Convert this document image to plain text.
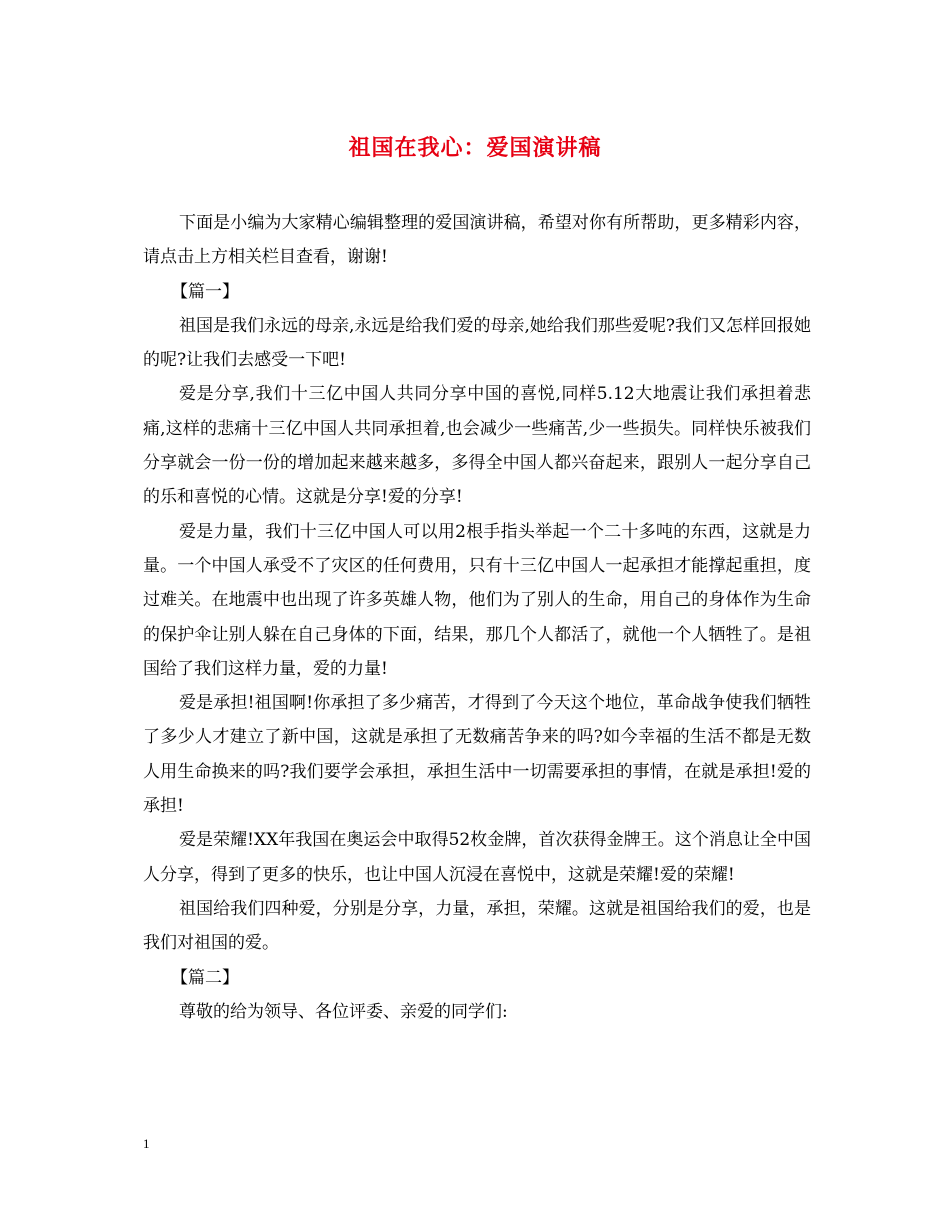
祖国在我心：爱国演讲稿

下面是小编为大家精心编辑整理的爱国演讲稿，希望对你有所帮助，更多精彩内容，请点击上方相关栏目查看，谢谢!

【篇一】

祖国是我们永远的母亲,永远是给我们爱的母亲,她给我们那些爱呢?我们又怎样回报她的呢?让我们去感受一下吧!

爱是分享,我们十三亿中国人共同分享中国的喜悦,同样5.12大地震让我们承担着悲痛,这样的悲痛十三亿中国人共同承担着,也会减少一些痛苦,少一些损失。同样快乐被我们分享就会一份一份的增加起来越来越多，多得全中国人都兴奋起来，跟别人一起分享自己的乐和喜悦的心情。这就是分享!爱的分享!

爱是力量，我们十三亿中国人可以用2根手指头举起一个二十多吨的东西，这就是力量。一个中国人承受不了灾区的任何费用，只有十三亿中国人一起承担才能撑起重担，度过难关。在地震中也出现了许多英雄人物，他们为了别人的生命，用自己的身体作为生命的保护伞让别人躲在自己身体的下面，结果，那几个人都活了，就他一个人牺牲了。是祖国给了我们这样力量，爱的力量!

爱是承担!祖国啊!你承担了多少痛苦，才得到了今天这个地位，革命战争使我们牺牲了多少人才建立了新中国，这就是承担了无数痛苦争来的吗?如今幸福的生活不都是无数人用生命换来的吗?我们要学会承担，承担生活中一切需要承担的事情，在就是承担!爱的承担!

爱是荣耀!XX年我国在奥运会中取得52枚金牌，首次获得金牌王。这个消息让全中国人分享，得到了更多的快乐，也让中国人沉浸在喜悦中，这就是荣耀!爱的荣耀!

祖国给我们四种爱，分别是分享，力量，承担，荣耀。这就是祖国给我们的爱，也是我们对祖国的爱。

【篇二】

尊敬的给为领导、各位评委、亲爱的同学们:

1
